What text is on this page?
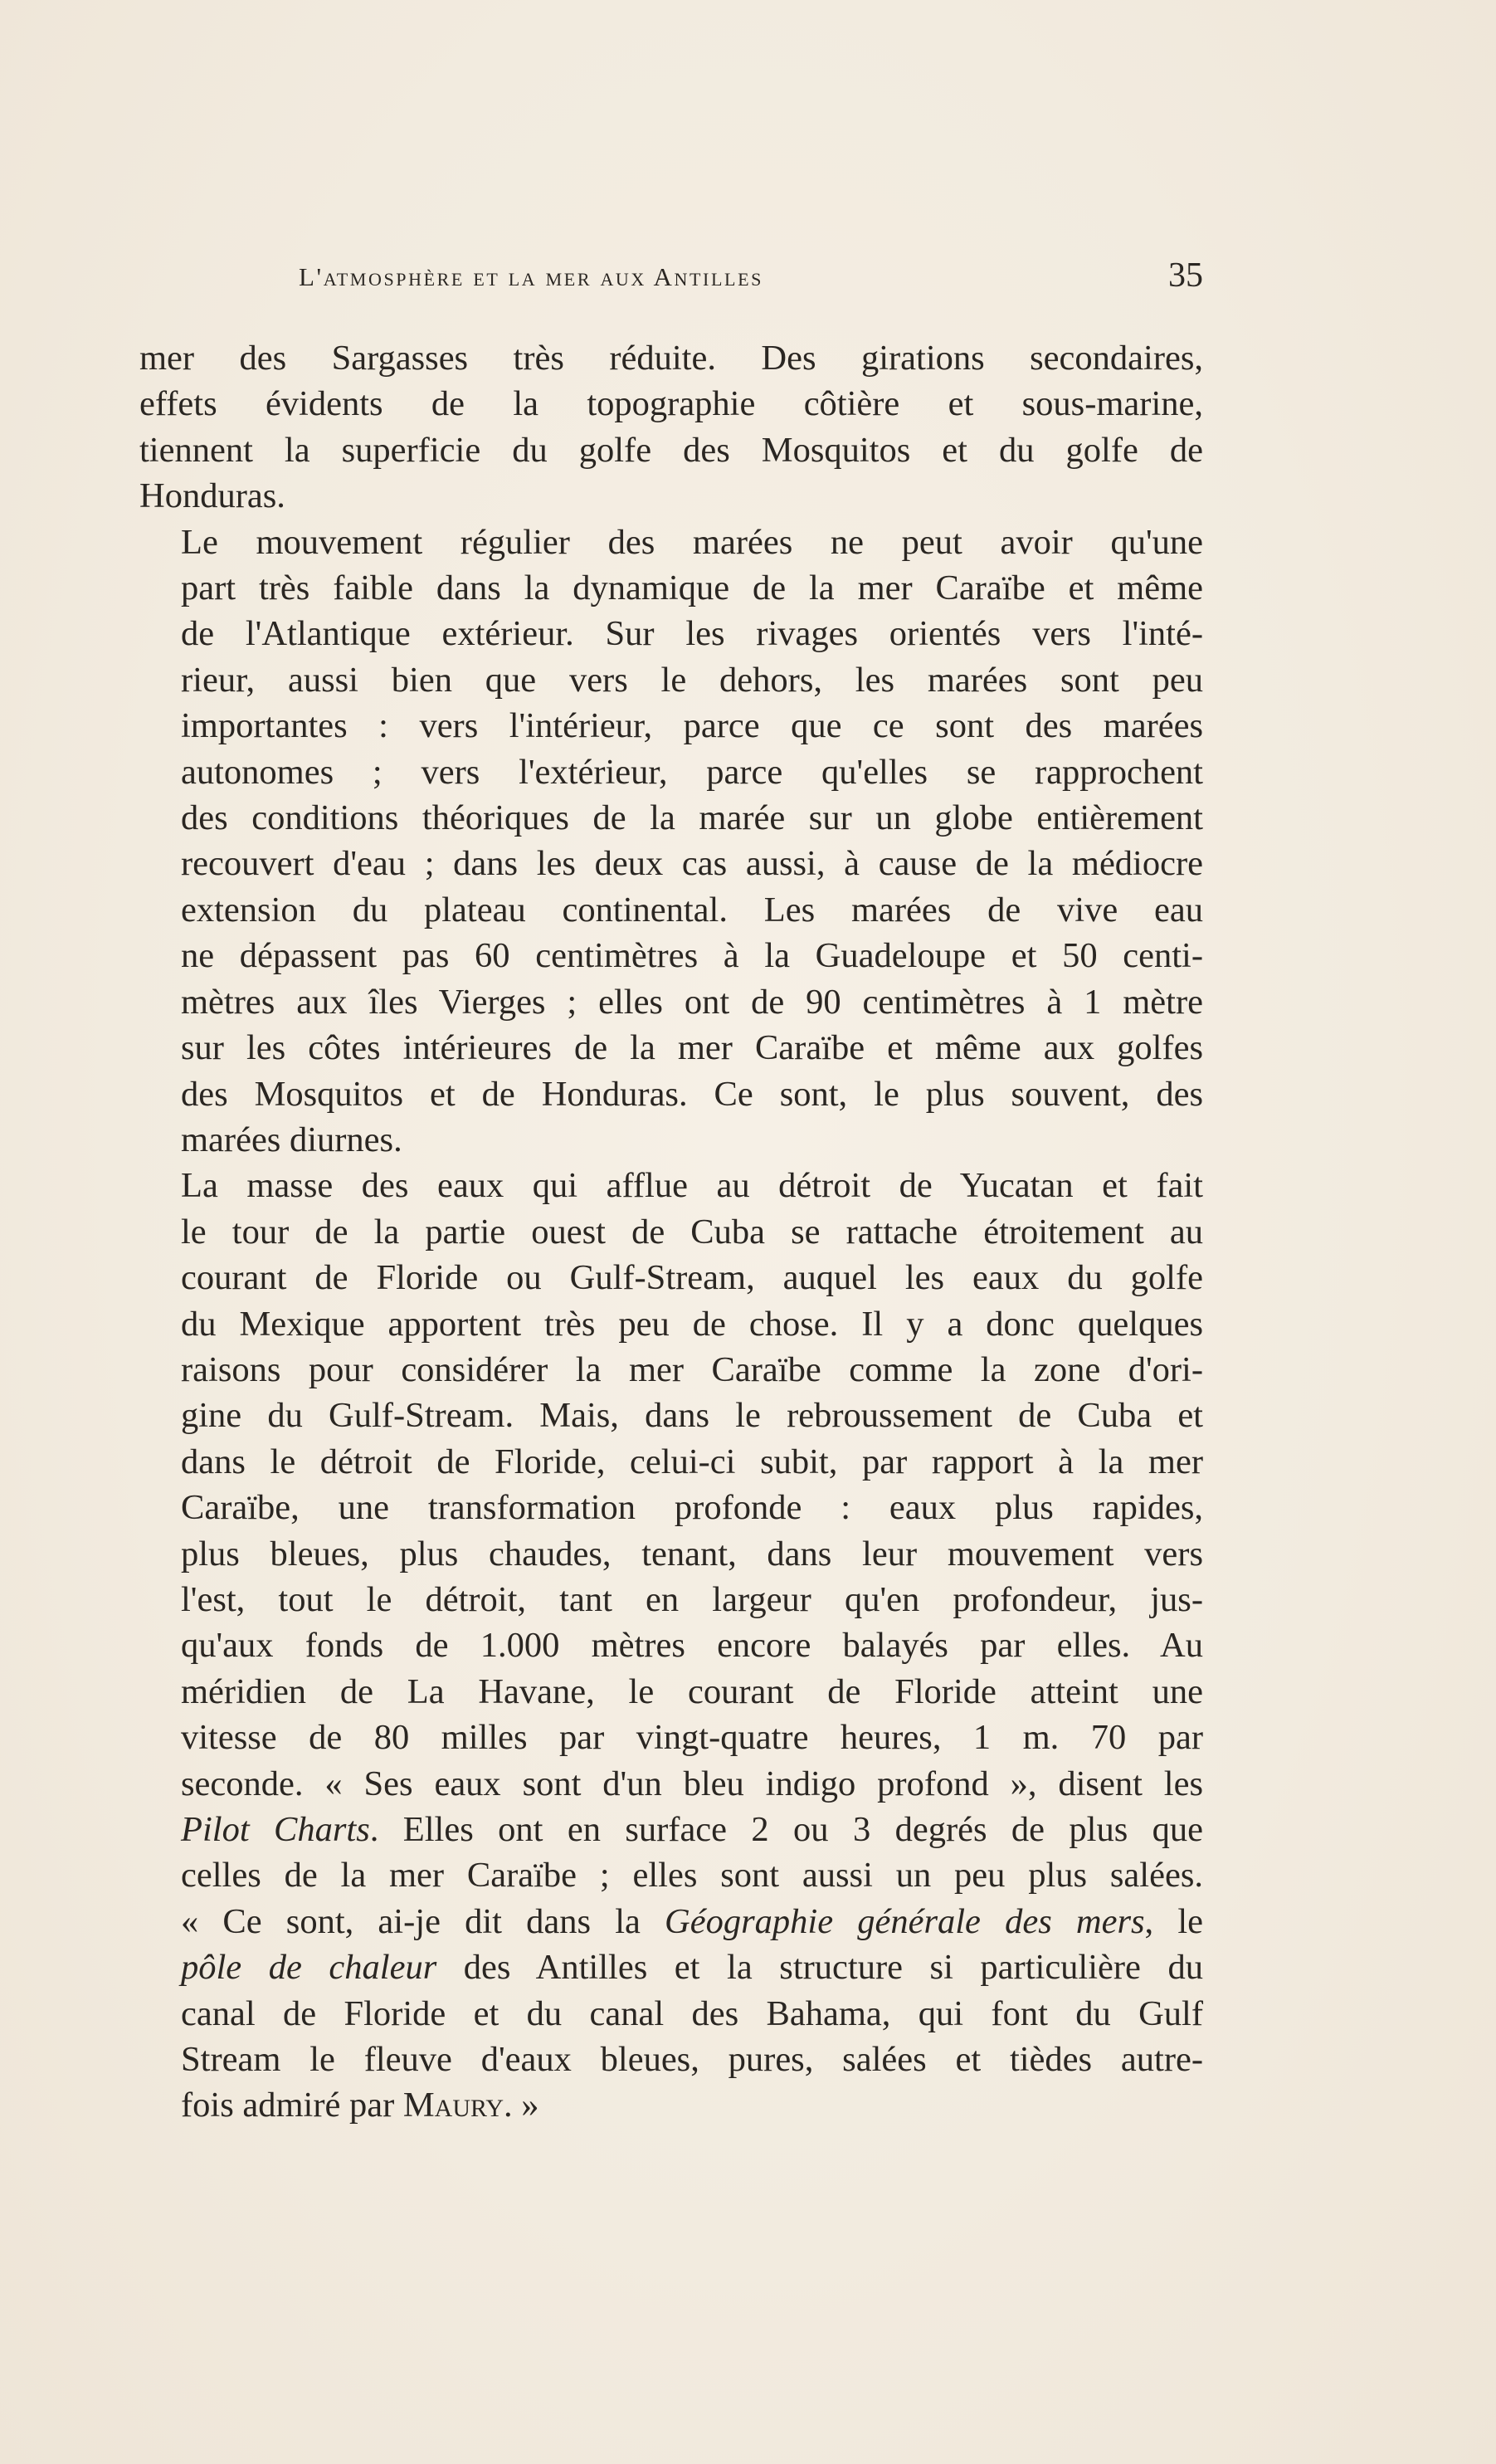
L'atmosphère et la mer aux Antilles	35

mer des Sargasses très réduite. Des girations secondaires,
effets évidents de la topographie côtière et sous-marine,
tiennent la superficie du golfe des Mosquitos et du golfe de
Honduras.

Le mouvement régulier des marées ne peut avoir qu'une
part très faible dans la dynamique de la mer Caraïbe et même
de l'Atlantique extérieur. Sur les rivages orientés vers l'inté-
rieur, aussi bien que vers le dehors, les marées sont peu
importantes : vers l'intérieur, parce que ce sont des marées
autonomes ; vers l'extérieur, parce qu'elles se rapprochent
des conditions théoriques de la marée sur un globe entièrement
recouvert d'eau ; dans les deux cas aussi, à cause de la médiocre
extension du plateau continental. Les marées de vive eau
ne dépassent pas 60 centimètres à la Guadeloupe et 50 centi-
mètres aux îles Vierges ; elles ont de 90 centimètres à 1 mètre
sur les côtes intérieures de la mer Caraïbe et même aux golfes
des Mosquitos et de Honduras. Ce sont, le plus souvent, des
marées diurnes.

La masse des eaux qui afflue au détroit de Yucatan et fait
le tour de la partie ouest de Cuba se rattache étroitement au
courant de Floride ou Gulf-Stream, auquel les eaux du golfe
du Mexique apportent très peu de chose. Il y a donc quelques
raisons pour considérer la mer Caraïbe comme la zone d'ori-
gine du Gulf-Stream. Mais, dans le rebroussement de Cuba et
dans le détroit de Floride, celui-ci subit, par rapport à la mer
Caraïbe, une transformation profonde : eaux plus rapides,
plus bleues, plus chaudes, tenant, dans leur mouvement vers
l'est, tout le détroit, tant en largeur qu'en profondeur, jus-
qu'aux fonds de 1.000 mètres encore balayés par elles. Au
méridien de La Havane, le courant de Floride atteint une
vitesse de 80 milles par vingt-quatre heures, 1 m. 70 par
seconde. « Ses eaux sont d'un bleu indigo profond », disent les
Pilot Charts. Elles ont en surface 2 ou 3 degrés de plus que
celles de la mer Caraïbe ; elles sont aussi un peu plus salées.
« Ce sont, ai-je dit dans la Géographie générale des mers, le
pôle de chaleur des Antilles et la structure si particulière du
canal de Floride et du canal des Bahama, qui font du Gulf
Stream le fleuve d'eaux bleues, pures, salées et tièdes autre-
fois admiré par Maury. »
